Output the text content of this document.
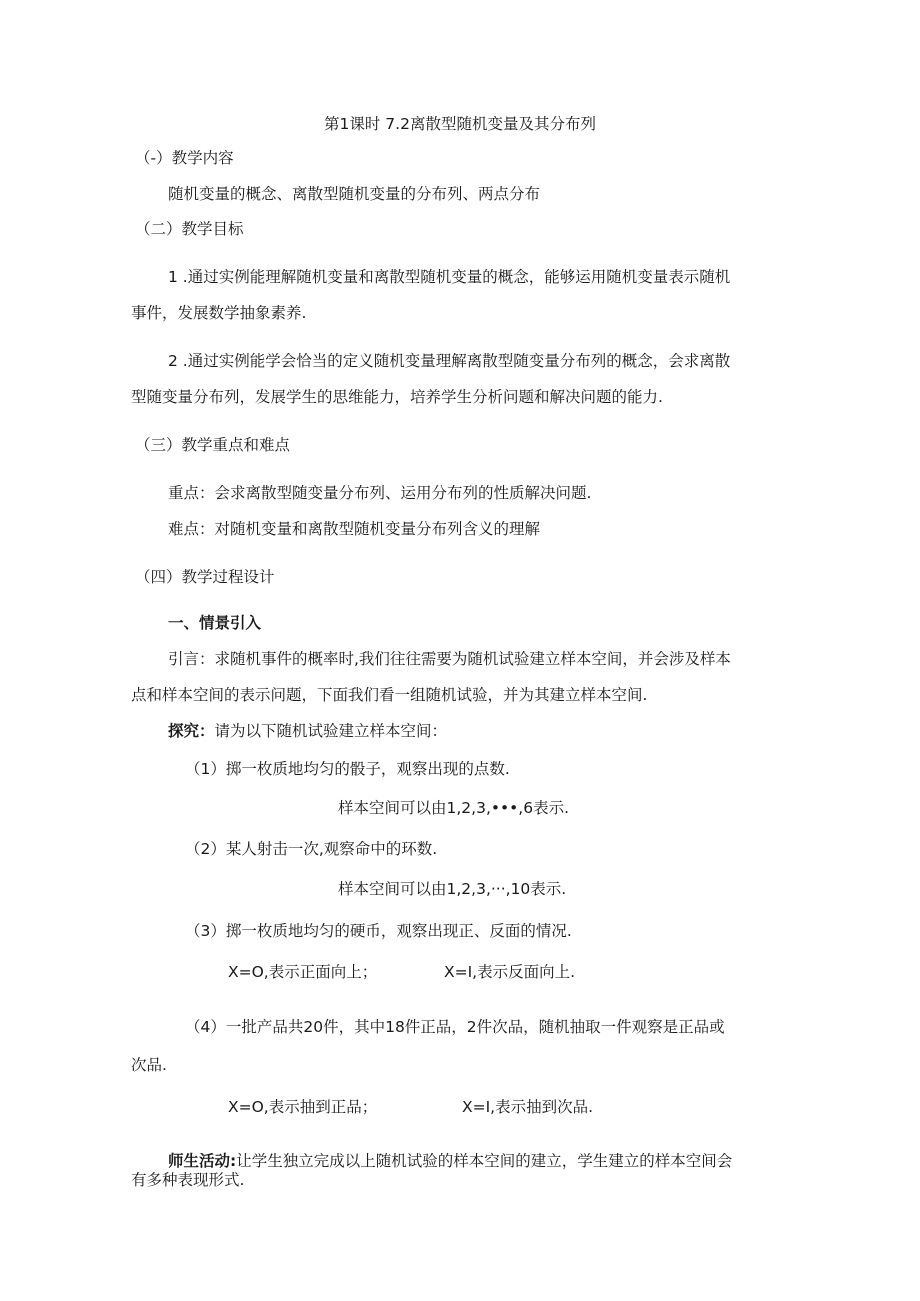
第1课时 7.2离散型随机变量及其分布列
（-）教学内容
随机变量的概念、离散型随机变量的分布列、两点分布
（二）教学目标
1 .通过实例能理解随机变量和离散型随机变量的概念，能够运用随机变量表示随机
事件，发展数学抽象素养.
2 .通过实例能学会恰当的定义随机变量理解离散型随变量分布列的概念，会求离散
型随变量分布列，发展学生的思维能力，培养学生分析问题和解决问题的能力.
（三）教学重点和难点
重点：会求离散型随变量分布列、运用分布列的性质解决问题.
难点：对随机变量和离散型随机变量分布列含义的理解
（四）教学过程设计
一、情景引入
引言：求随机事件的概率时,我们往往需要为随机试验建立样本空间，并会涉及样本
点和样本空间的表示问题，下面我们看一组随机试验，并为其建立样本空间.
探究：请为以下随机试验建立样本空间：
（1）掷一枚质地均匀的骰子，观察出现的点数.
样本空间可以由1,2,3,•••,6表示.
（2）某人射击一次,观察命中的环数.
样本空间可以由1,2,3,···,10表示.
（3）掷一枚质地均匀的硬币，观察出现正、反面的情况.
X=O,表示正面向上；	X=I,表示反面向上.
（4）一批产品共20件，其中18件正品，2件次品，随机抽取一件观察是正品或
次品.
X=O,表示抽到正品；	X=I,表示抽到次品.
师生活动:让学生独立完成以上随机试验的样本空间的建立，学生建立的样本空间会
有多种表现形式.
